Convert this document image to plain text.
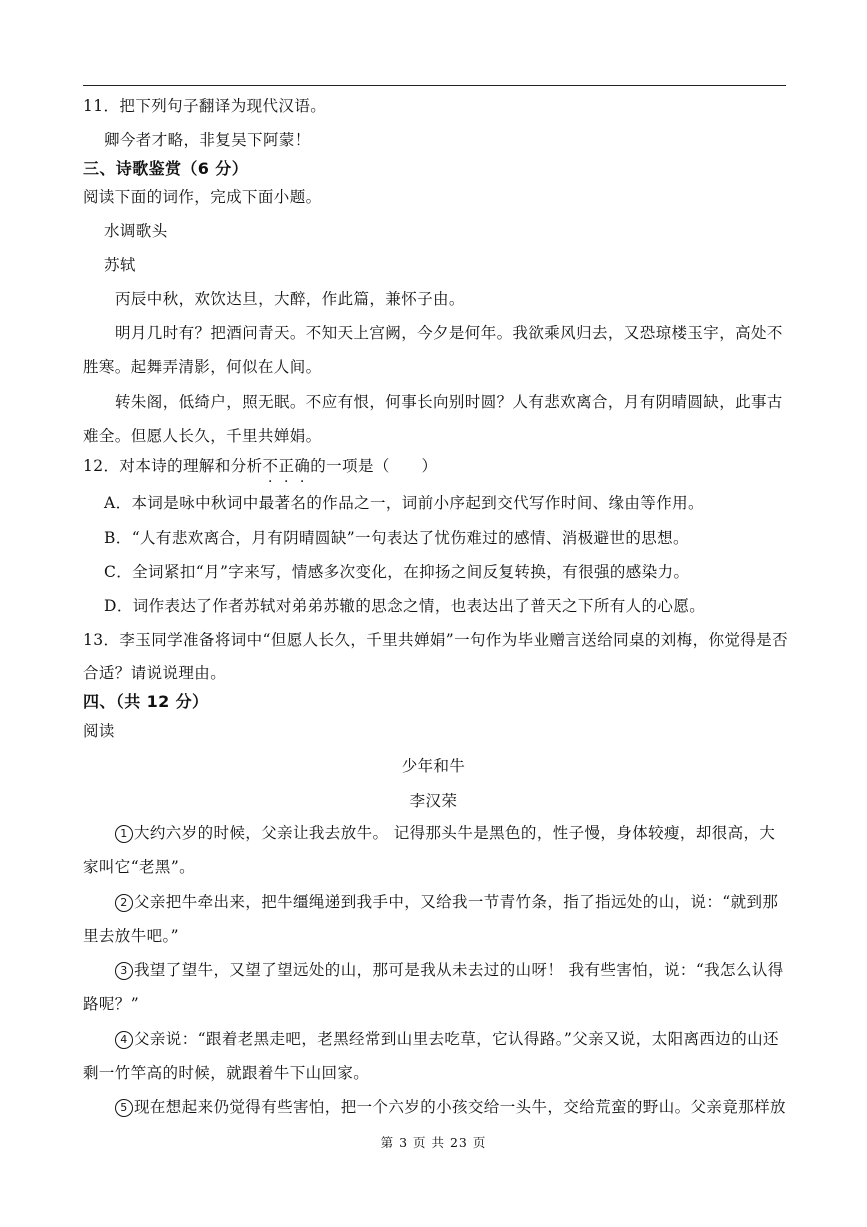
11．把下列句子翻译为现代汉语。
卿今者才略，非复吴下阿蒙！
三、诗歌鉴赏（6 分）
阅读下面的词作，完成下面小题。
水调歌头
苏轼
丙辰中秋，欢饮达旦，大醉，作此篇，兼怀子由。
明月几时有？把酒问青天。不知天上宫阙，今夕是何年。我欲乘风归去，又恐琼楼玉宇，高处不
胜寒。起舞弄清影，何似在人间。
转朱阁，低绮户，照无眠。不应有恨，何事长向别时圆？人有悲欢离合，月有阴晴圆缺，此事古
难全。但愿人长久，千里共婵娟。
12．对本诗的理解和分析不正确的一项是（　　）
A．本词是咏中秋词中最著名的作品之一，词前小序起到交代写作时间、缘由等作用。
B．“人有悲欢离合，月有阴晴圆缺”一句表达了忧伤难过的感情、消极避世的思想。
C．全词紧扣“月”字来写，情感多次变化，在抑扬之间反复转换，有很强的感染力。
D．词作表达了作者苏轼对弟弟苏辙的思念之情，也表达出了普天之下所有人的心愿。
13．李玉同学准备将词中“但愿人长久，千里共婵娟”一句作为毕业赠言送给同桌的刘梅，你觉得是否
合适？请说说理由。
四、（共 12 分）
阅读
少年和牛
李汉荣
1 大约六岁的时候，父亲让我去放牛。 记得那头牛是黑色的，性子慢，身体较瘦，却很高，大
家叫它“老黑”。
2 父亲把牛牵出来，把牛缰绳递到我手中，又给我一节青竹条，指了指远处的山，说：“就到那
里去放牛吧。”
3 我望了望牛，又望了望远处的山，那可是我从未去过的山呀！ 我有些害怕，说：“我怎么认得
路呢？”
4 父亲说：“跟着老黑走吧，老黑经常到山里去吃草，它认得路。”父亲又说，太阳离西边的山还
剩一竹竿高的时候，就跟着牛下山回家。
5 现在想起来仍觉得有些害怕，把一个六岁的小孩交给一头牛，交给荒蛮的野山。父亲竟那样放
第 3 页 共 23 页
